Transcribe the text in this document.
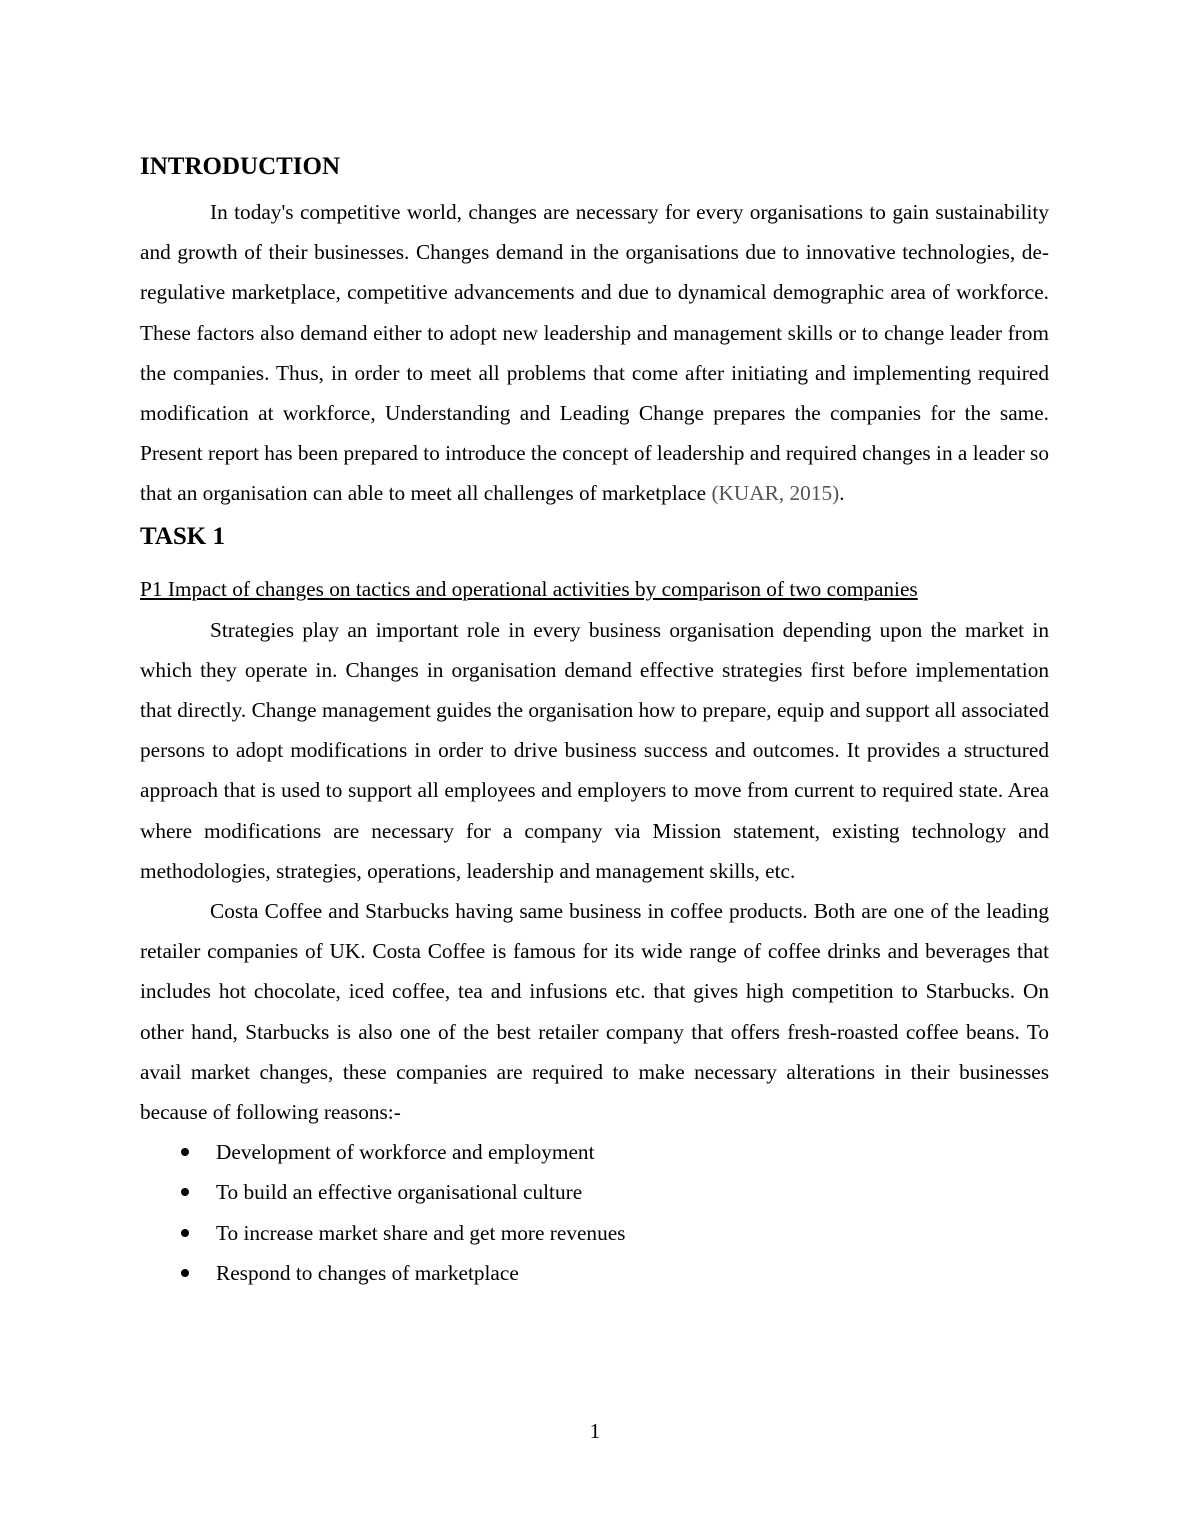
INTRODUCTION

In today's competitive world, changes are necessary for every organisations to gain sustainability and growth of their businesses. Changes demand in the organisations due to innovative technologies, de-regulative marketplace, competitive advancements and due to dynamical demographic area of workforce. These factors also demand either to adopt new leadership and management skills or to change leader from the companies. Thus, in order to meet all problems that come after initiating and implementing required modification at workforce, Understanding and Leading Change prepares the companies for the same. Present report has been prepared to introduce the concept of leadership and required changes in a leader so that an organisation can able to meet all challenges of marketplace (KUAR, 2015).

TASK 1
P1 Impact of changes on tactics and operational activities by comparison of two companies

Strategies play an important role in every business organisation depending upon the market in which they operate in. Changes in organisation demand effective strategies first before implementation that directly. Change management guides the organisation how to prepare, equip and support all associated persons to adopt modifications in order to drive business success and outcomes. It provides a structured approach that is used to support all employees and employers to move from current to required state. Area where modifications are necessary for a company via Mission statement, existing technology and methodologies, strategies, operations, leadership and management skills, etc.

Costa Coffee and Starbucks having same business in coffee products. Both are one of the leading retailer companies of UK. Costa Coffee is famous for its wide range of coffee drinks and beverages that includes hot chocolate, iced coffee, tea and infusions etc. that gives high competition to Starbucks. On other hand, Starbucks is also one of the best retailer company that offers fresh-roasted coffee beans. To avail market changes, these companies are required to make necessary alterations in their businesses because of following reasons:-

Development of workforce and employment
To build an effective organisational culture
To increase market share and get more revenues
Respond to changes of marketplace
1
